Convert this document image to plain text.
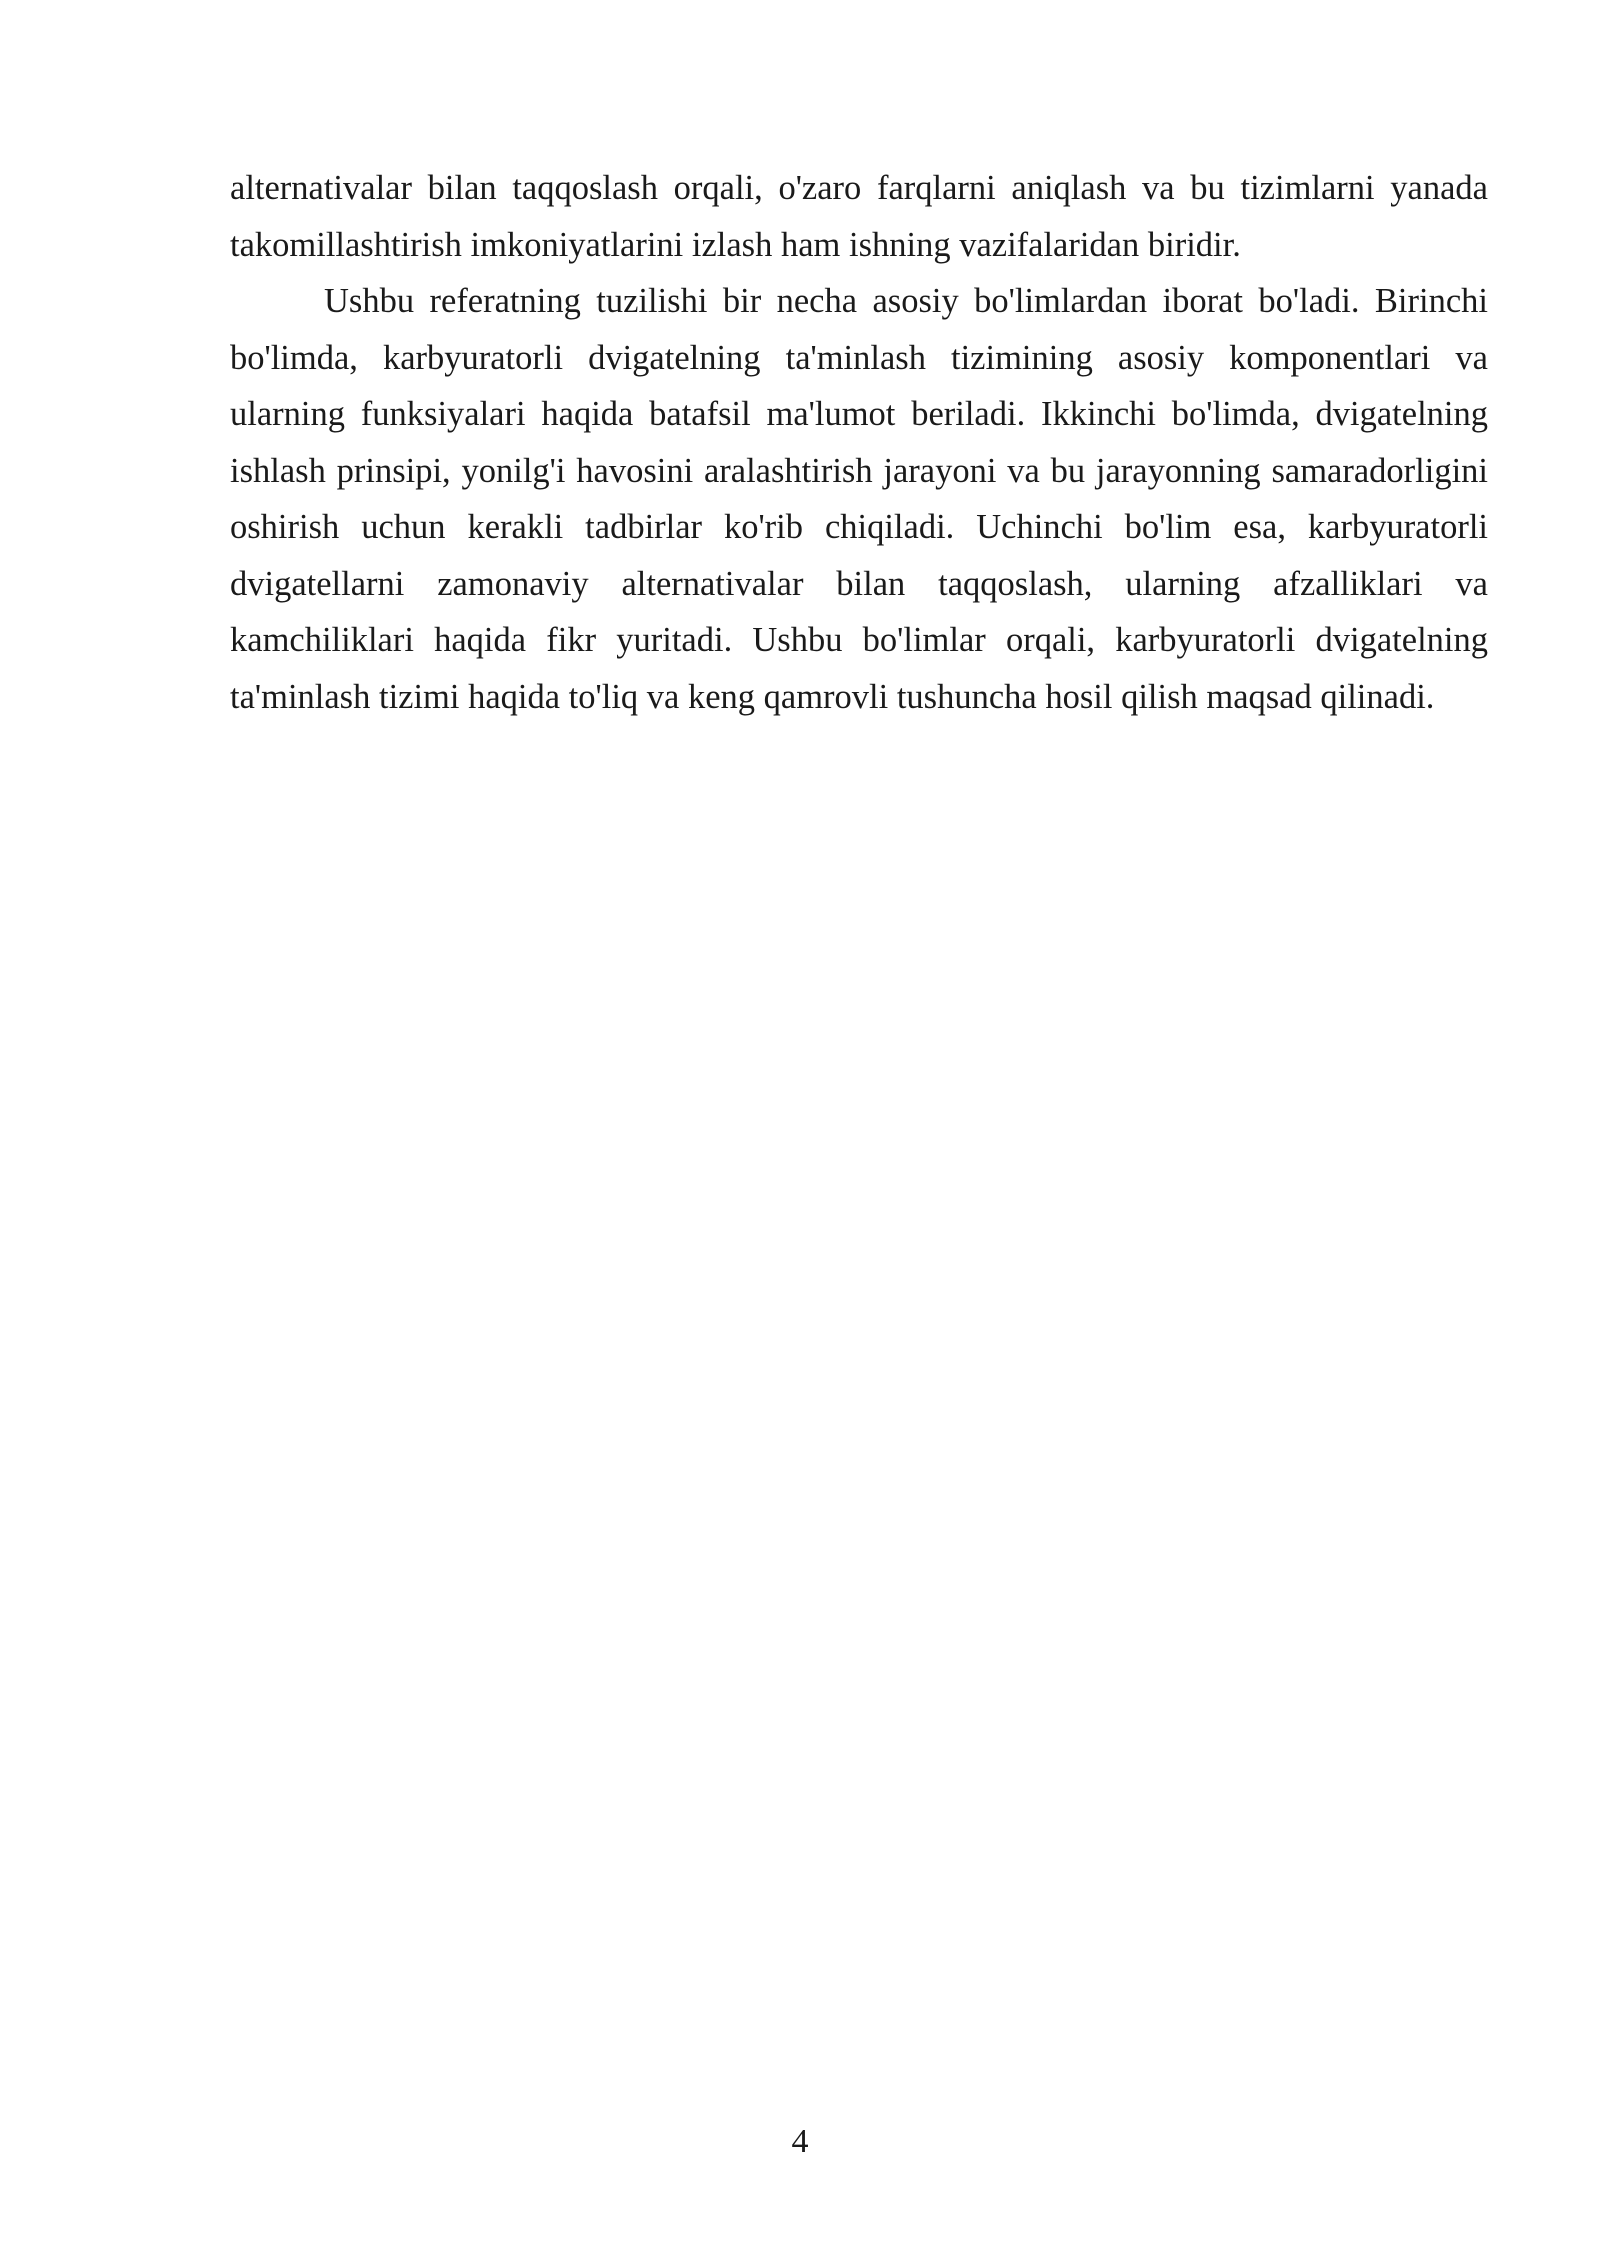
alternativalar bilan taqqoslash orqali, o'zaro farqlarni aniqlash va bu tizimlarni yanada takomillashtirish imkoniyatlarini izlash ham ishning vazifalaridan biridir.

Ushbu referatning tuzilishi bir necha asosiy bo'limlardan iborat bo'ladi. Birinchi bo'limda, karbyuratorli dvigatelning ta'minlash tizimining asosiy komponentlari va ularning funksiyalari haqida batafsil ma'lumot beriladi. Ikkinchi bo'limda, dvigatelning ishlash prinsipi, yonilg'i havosini aralashtirish jarayoni va bu jarayonning samaradorligini oshirish uchun kerakli tadbirlar ko'rib chiqiladi. Uchinchi bo'lim esa, karbyuratorli dvigatellarni zamonaviy alternativalar bilan taqqoslash, ularning afzalliklari va kamchiliklari haqida fikr yuritadi. Ushbu bo'limlar orqali, karbyuratorli dvigatelning ta'minlash tizimi haqida to'liq va keng qamrovli tushuncha hosil qilish maqsad qilinadi.

4
